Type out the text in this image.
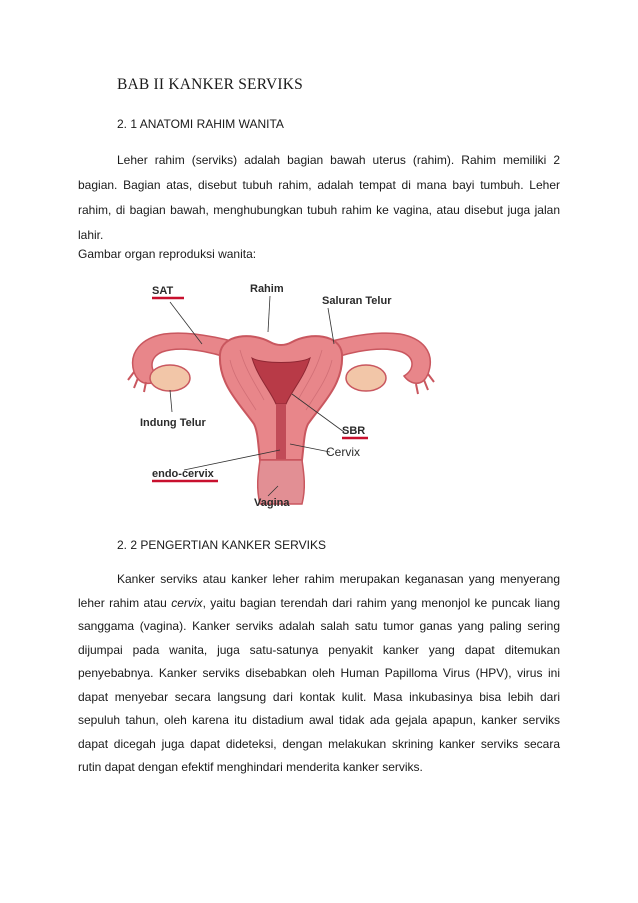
BAB II KANKER SERVIKS
2. 1 ANATOMI RAHIM WANITA

Leher rahim (serviks) adalah bagian bawah uterus (rahim). Rahim memiliki 2 bagian. Bagian atas, disebut tubuh rahim, adalah tempat di mana bayi tumbuh. Leher rahim, di bagian bawah, menghubungkan tubuh rahim ke vagina, atau disebut juga jalan lahir.

Gambar organ reproduksi wanita:
SAT	Rahim
Saluran Telur
Indung Telur
SBR
Cervix
endo-cervix
Vagina
2. 2 PENGERTIAN KANKER SERVIKS

Kanker serviks atau kanker leher rahim merupakan keganasan yang menyerang leher rahim atau cervix, yaitu bagian terendah dari rahim yang menonjol ke puncak liang sanggama (vagina). Kanker serviks adalah salah satu tumor ganas yang paling sering dijumpai pada wanita, juga satu-satunya penyakit kanker yang dapat ditemukan penyebabnya. Kanker serviks disebabkan oleh Human Papilloma Virus (HPV), virus ini dapat menyebar secara langsung dari kontak kulit. Masa inkubasinya bisa lebih dari sepuluh tahun, oleh karena itu distadium awal tidak ada gejala apapun, kanker serviks dapat dicegah juga dapat dideteksi, dengan melakukan skrining kanker serviks secara rutin dapat dengan efektif menghindari menderita kanker serviks.
